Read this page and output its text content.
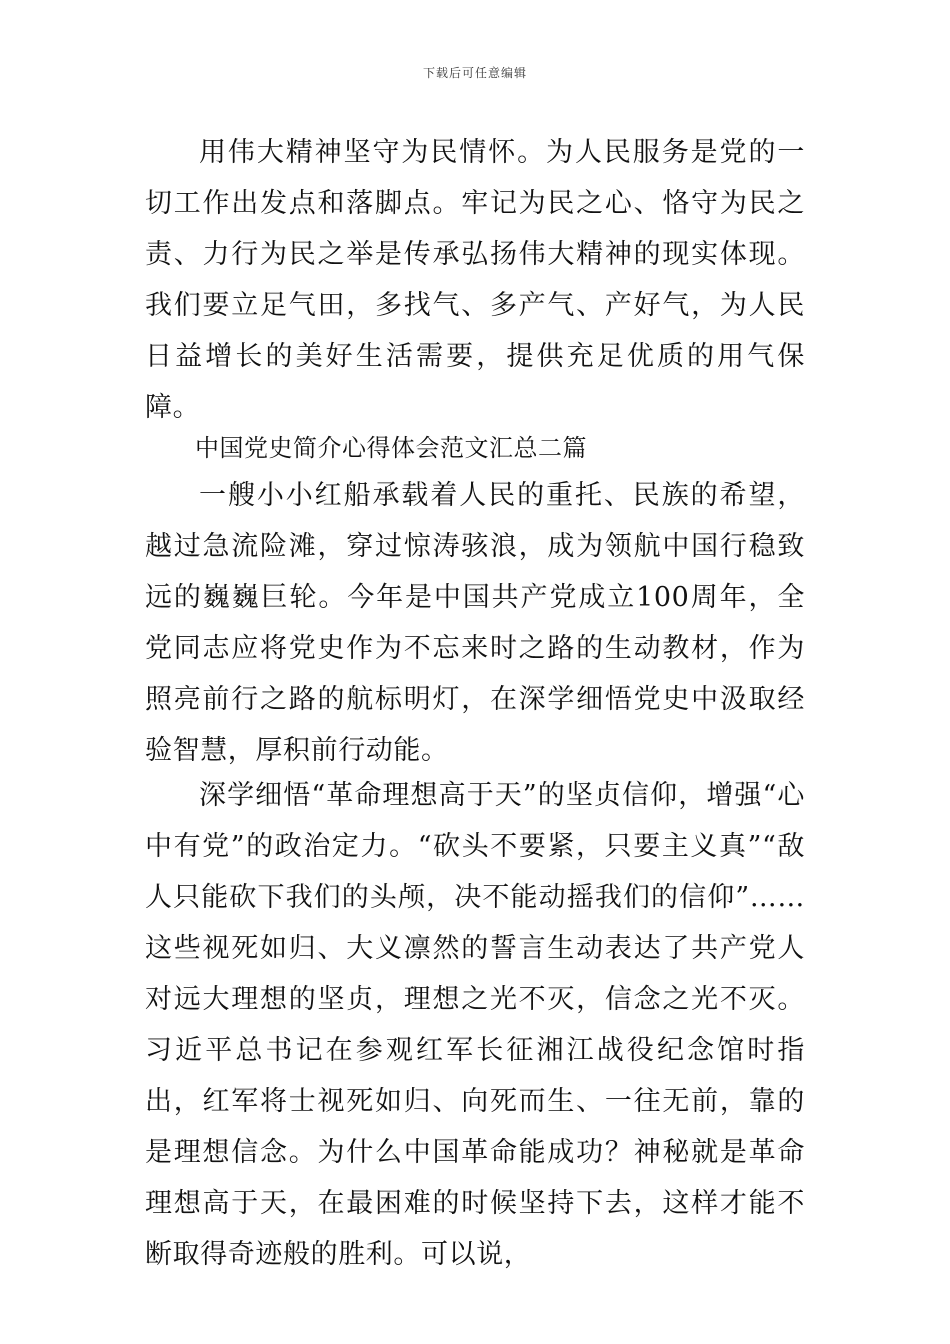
下载后可任意编辑

用伟大精神坚守为民情怀。为人民服务是党的一切工作出发点和落脚点。牢记为民之心、恪守为民之责、力行为民之举是传承弘扬伟大精神的现实体现。我们要立足气田，多找气、多产气、产好气，为人民日益增长的美好生活需要，提供充足优质的用气保障。

中国党史简介心得体会范文汇总二篇

一艘小小红船承载着人民的重托、民族的希望，越过急流险滩，穿过惊涛骇浪，成为领航中国行稳致远的巍巍巨轮。今年是中国共产党成立100周年，全党同志应将党史作为不忘来时之路的生动教材，作为照亮前行之路的航标明灯，在深学细悟党史中汲取经验智慧，厚积前行动能。

深学细悟“革命理想高于天”的坚贞信仰，增强“心中有党”的政治定力。“砍头不要紧，只要主义真”“敌人只能砍下我们的头颅，决不能动摇我们的信仰”……这些视死如归、大义凛然的誓言生动表达了共产党人对远大理想的坚贞，理想之光不灭，信念之光不灭。习近平总书记在参观红军长征湘江战役纪念馆时指出，红军将士视死如归、向死而生、一往无前，靠的是理想信念。为什么中国革命能成功？神秘就是革命理想高于天，在最困难的时候坚持下去，这样才能不断取得奇迹般的胜利。可以说，
